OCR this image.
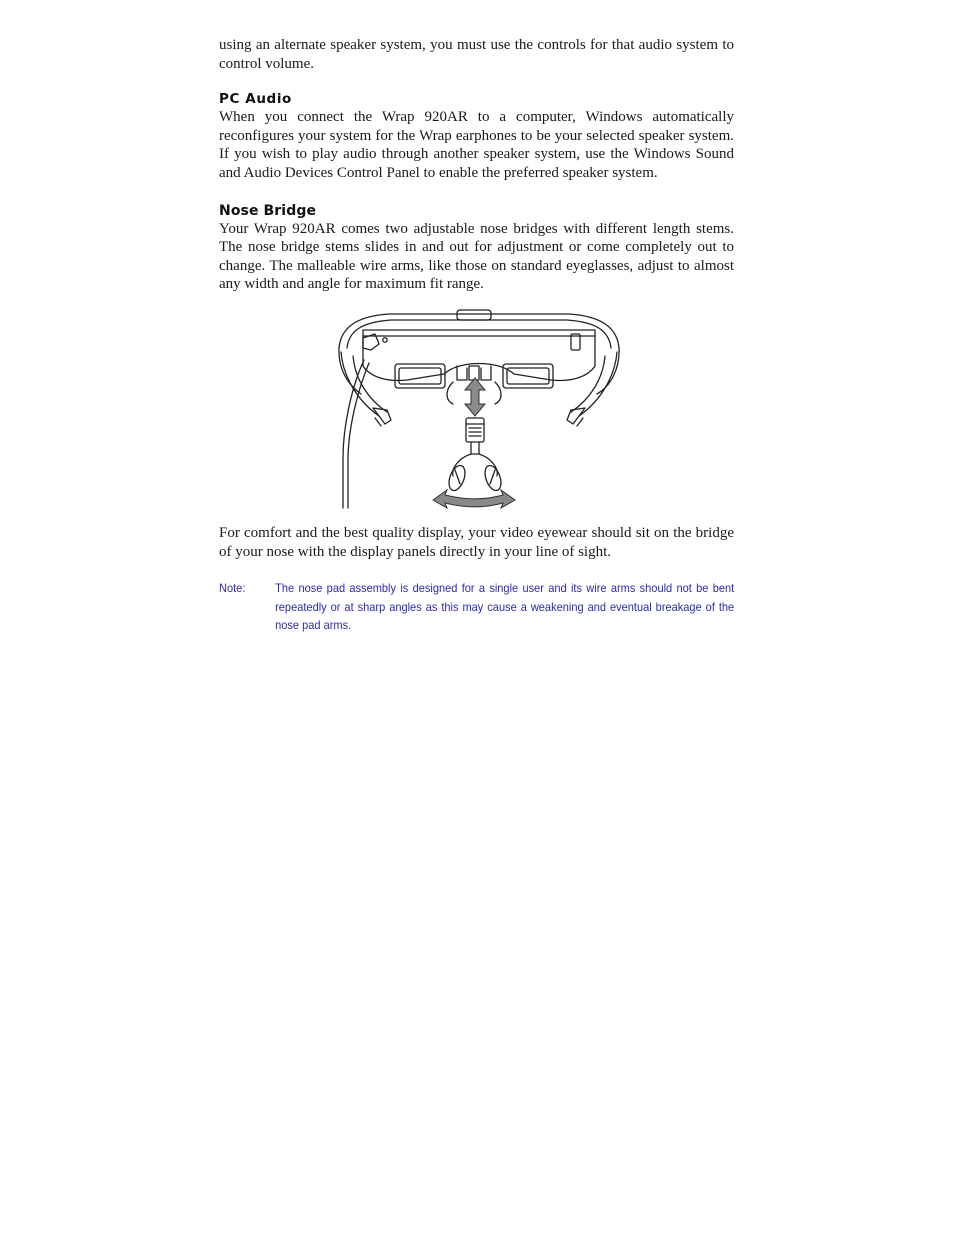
using an alternate speaker system, you must use the controls for that audio system to control volume.

PC Audio

When you connect the Wrap 920AR to a computer, Windows automatically reconfigures your system for the Wrap earphones to be your selected speaker system. If you wish to play audio through another speaker system, use the Windows Sound and Audio Devices Control Panel to enable the preferred speaker system.

Nose Bridge

Your Wrap 920AR comes two adjustable nose bridges with different length stems. The nose bridge stems slides in and out for adjustment or come completely out to change. The malleable wire arms, like those on standard eyeglasses, adjust to almost any width and angle for maximum fit range.

For comfort and the best quality display, your video eyewear should sit on the bridge of your nose with the display panels directly in your line of sight.

Note:	The nose pad assembly is designed for a single user and its wire arms should not be bent repeatedly or at sharp angles as this may cause a weakening and eventual breakage of the nose pad arms.
